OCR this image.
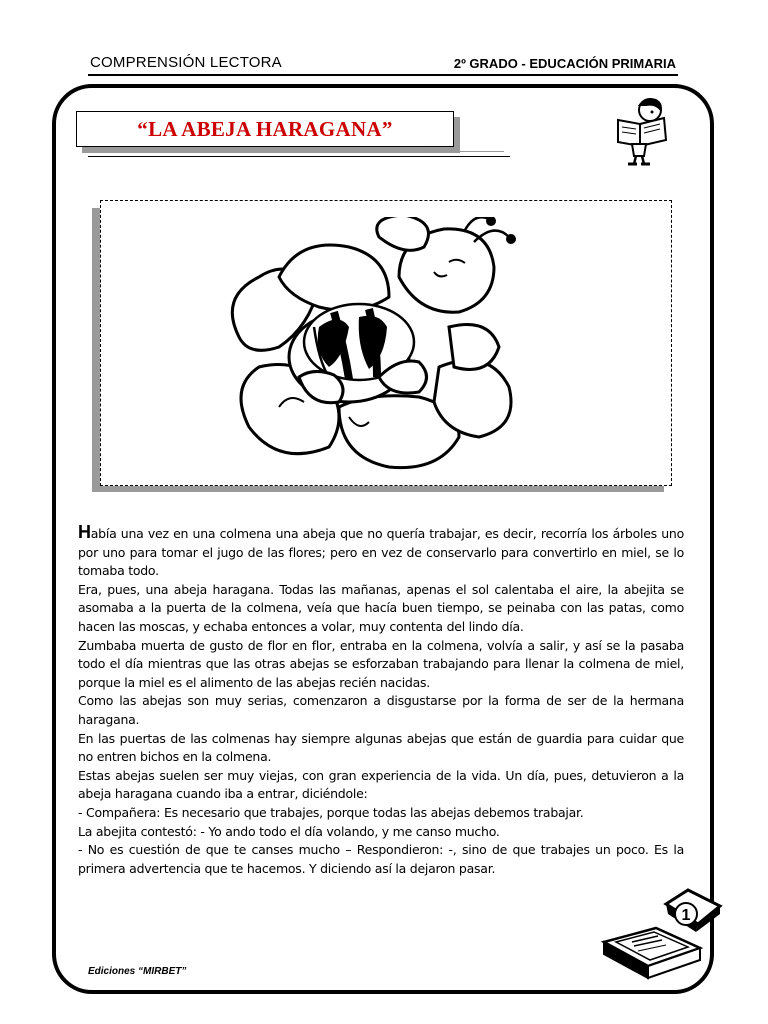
COMPRENSIÓN LECTORA	2º GRADO - EDUCACIÓN PRIMARIA
“LA ABEJA HARAGANA”

Había una vez en una colmena una abeja que no quería trabajar, es decir, recorría los árboles uno por uno para tomar el jugo de las flores; pero en vez de conservarlo para convertirlo en miel, se lo tomaba todo.

Era, pues, una abeja haragana. Todas las mañanas, apenas el sol calentaba el aire, la abejita se asomaba a la puerta de la colmena, veía que hacía buen tiempo, se peinaba con las patas, como hacen las moscas, y echaba entonces a volar, muy contenta del lindo día.

Zumbaba muerta de gusto de flor en flor, entraba en la colmena, volvía a salir, y así se la pasaba todo el día mientras que las otras abejas se esforzaban trabajando para llenar la colmena de miel, porque la miel es el alimento de las abejas recién nacidas.

Como las abejas son muy serias, comenzaron a disgustarse por la forma de ser de la hermana haragana.

En las puertas de las colmenas hay siempre algunas abejas que están de guardia para cuidar que no entren bichos en la colmena.

Estas abejas suelen ser muy viejas, con gran experiencia de la vida. Un día, pues, detuvieron a la abeja haragana cuando iba a entrar, diciéndole:

- Compañera: Es necesario que trabajes, porque todas las abejas debemos trabajar.

La abejita contestó: - Yo ando todo el día volando, y me canso mucho.

- No es cuestión de que te canses mucho – Respondieron: -, sino de que trabajes un poco. Es la primera advertencia que te hacemos. Y diciendo así la dejaron pasar.

Ediciones “MIRBET”
1
